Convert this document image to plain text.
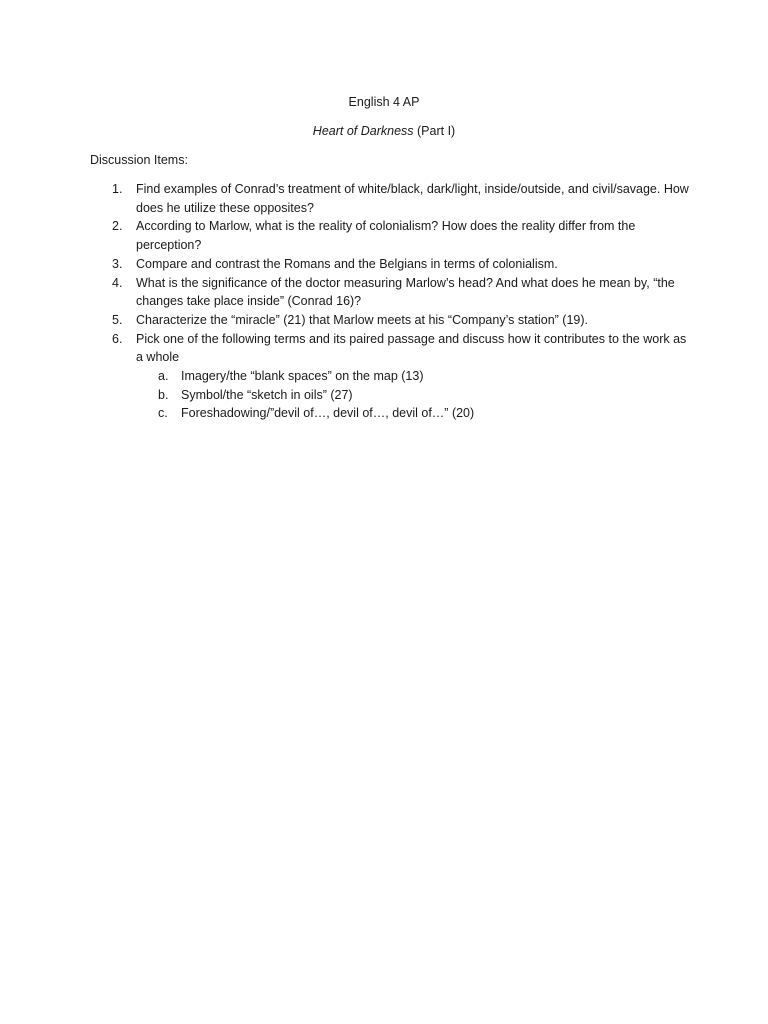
English 4 AP
Heart of Darkness (Part I)
Discussion Items:
1. Find examples of Conrad’s treatment of white/black, dark/light, inside/outside, and civil/savage. How does he utilize these opposites?
2. According to Marlow, what is the reality of colonialism? How does the reality differ from the perception?
3. Compare and contrast the Romans and the Belgians in terms of colonialism.
4. What is the significance of the doctor measuring Marlow’s head? And what does he mean by, “the changes take place inside” (Conrad 16)?
5. Characterize the “miracle” (21) that Marlow meets at his “Company’s station” (19).
6. Pick one of the following terms and its paired passage and discuss how it contributes to the work as a whole
a. Imagery/the “blank spaces” on the map (13)
b. Symbol/the “sketch in oils” (27)
c. Foreshadowing/”devil of…, devil of…, devil of…” (20)
